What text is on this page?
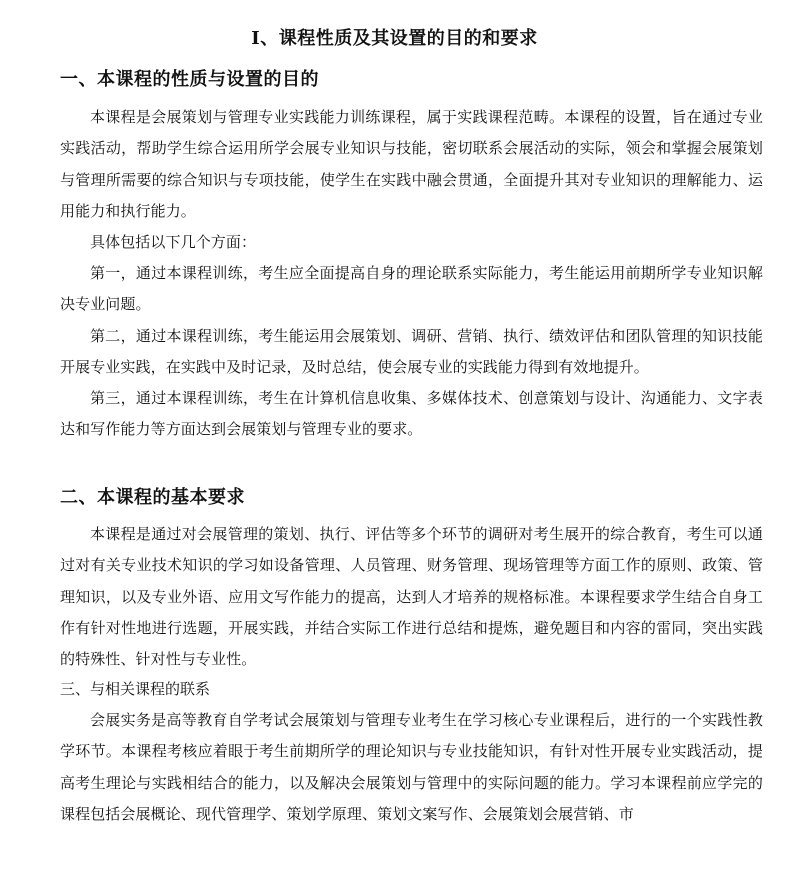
Ⅰ、课程性质及其设置的目的和要求
一、本课程的性质与设置的目的
本课程是会展策划与管理专业实践能力训练课程，属于实践课程范畴。本课程的设置，旨在通过专业实践活动，帮助学生综合运用所学会展专业知识与技能，密切联系会展活动的实际，领会和掌握会展策划与管理所需要的综合知识与专项技能，使学生在实践中融会贯通，全面提升其对专业知识的理解能力、运用能力和执行能力。
具体包括以下几个方面：
第一，通过本课程训练，考生应全面提高自身的理论联系实际能力，考生能运用前期所学专业知识解决专业问题。
第二，通过本课程训练，考生能运用会展策划、调研、营销、执行、绩效评估和团队管理的知识技能开展专业实践，在实践中及时记录，及时总结，使会展专业的实践能力得到有效地提升。
第三，通过本课程训练，考生在计算机信息收集、多媒体技术、创意策划与设计、沟通能力、文字表达和写作能力等方面达到会展策划与管理专业的要求。
二、本课程的基本要求
本课程是通过对会展管理的策划、执行、评估等多个环节的调研对考生展开的综合教育，考生可以通过对有关专业技术知识的学习如设备管理、人员管理、财务管理、现场管理等方面工作的原则、政策、管理知识，以及专业外语、应用文写作能力的提高，达到人才培养的规格标准。本课程要求学生结合自身工作有针对性地进行选题，开展实践，并结合实际工作进行总结和提炼，避免题目和内容的雷同，突出实践的特殊性、针对性与专业性。
三、与相关课程的联系
会展实务是高等教育自学考试会展策划与管理专业考生在学习核心专业课程后，进行的一个实践性教学环节。本课程考核应着眼于考生前期所学的理论知识与专业技能知识，有针对性开展专业实践活动，提高考生理论与实践相结合的能力，以及解决会展策划与管理中的实际问题的能力。学习本课程前应学完的课程包括会展概论、现代管理学、策划学原理、策划文案写作、会展策划会展营销、市
